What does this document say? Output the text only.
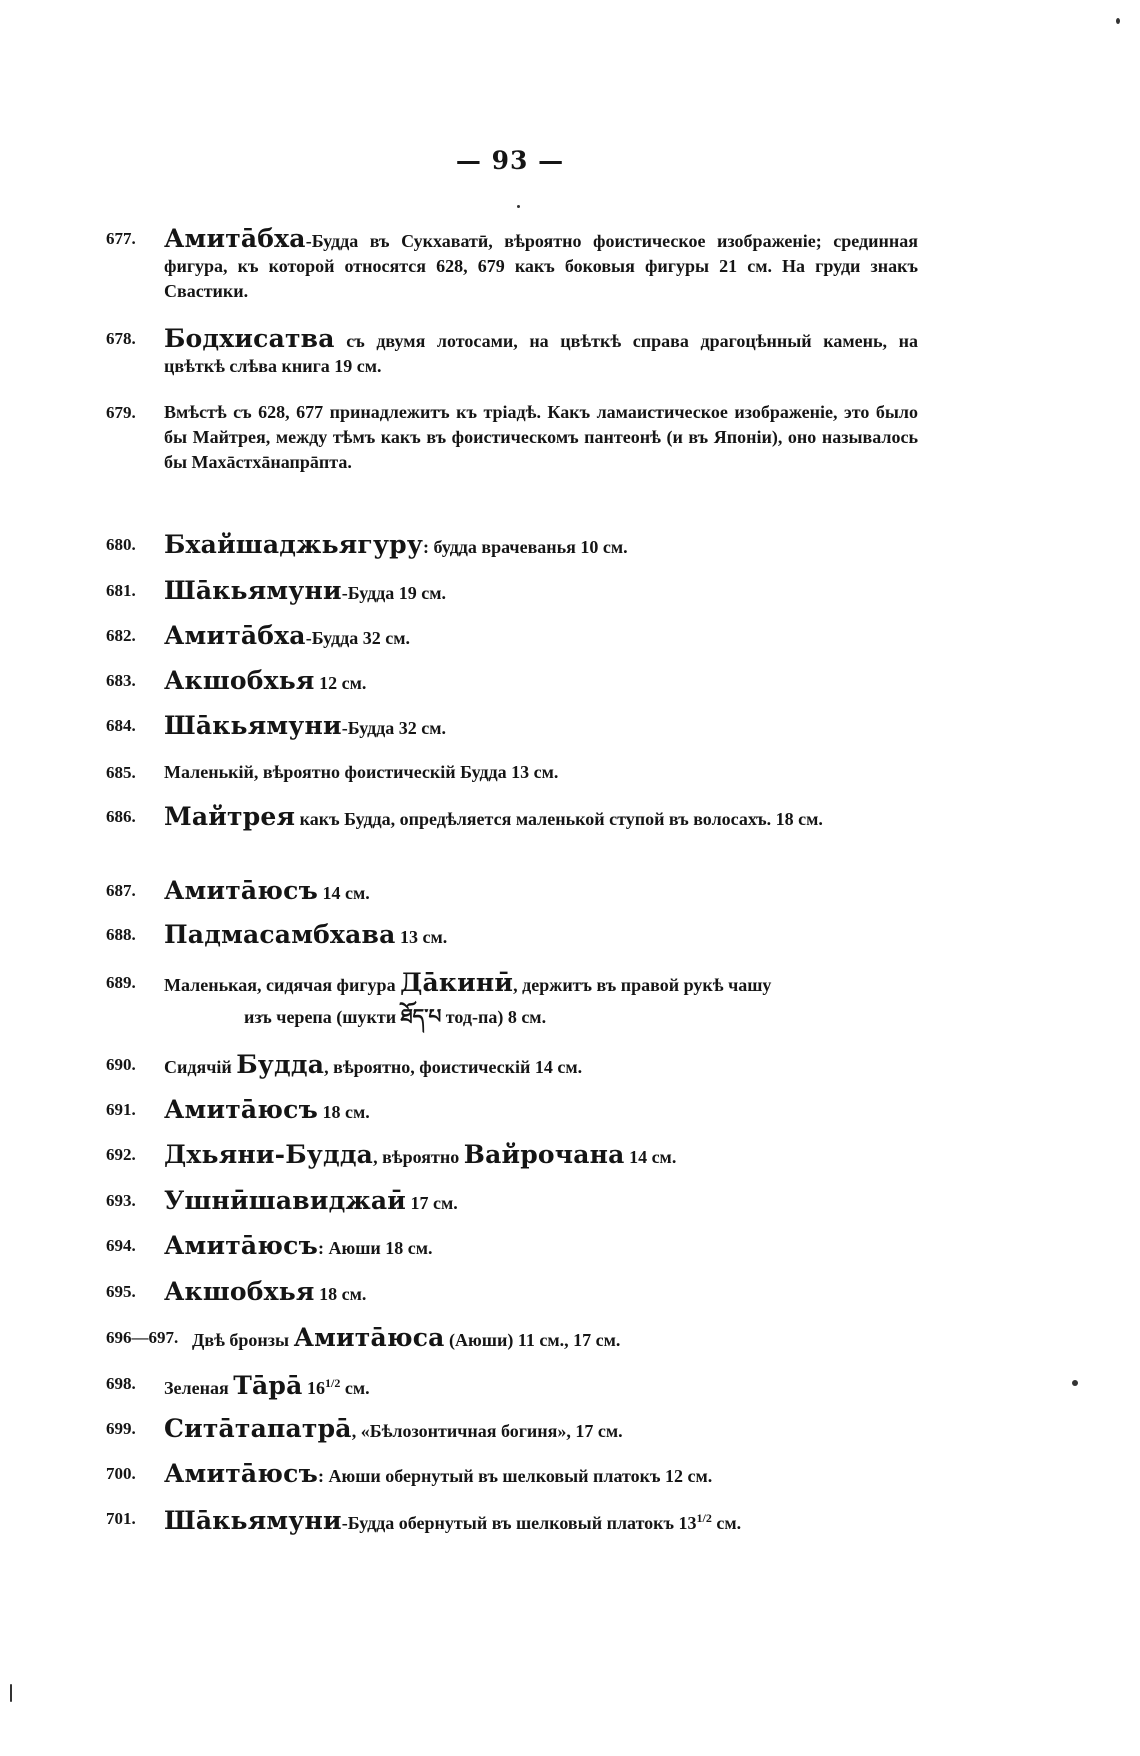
— 93 —
677. Амитāбха-Будда въ Сукхаватӣ, вѣроятно фоистическое изображеніе; срединная фигура, къ которой относятся 628, 679 какъ боковыя фигуры 21 см. На груди знакъ Свастики.
678. Бодхисатва съ двумя лотосами, на цвѣткѣ справа драгоцѣнный камень, на цвѣткѣ слѣва книга 19 см.
679. Вмѣстѣ съ 628, 677 принадлежитъ къ тріадѣ. Какъ ламаистическое изображеніе, это было бы Майтрея, между тѣмъ какъ въ фоистическомъ пантеонѣ (и въ Японіи), оно называлось бы Махāстхāнапрāпта.
680. Бхайшаджьягуру: будда врачеванья 10 см.
681. Шāкьямуни-Будда 19 см.
682. Амитāбха-Будда 32 см.
683. Акшобхья 12 см.
684. Шāкьямуни-Будда 32 см.
685. Маленькій, вѣроятно фоистическій Будда 13 см.
686. Майтрея какъ Будда, опредѣляется маленькой ступой въ волосахъ. 18 см.
687. Амитāюсъ 14 см.
688. Падмасамбхава 13 см.
689. Маленькая, сидячая фигура Дāкинӣ, держитъ въ правой рукѣ чашу
изъ черепа (шукти ཐོད་པ тод-па) 8 см.
690. Сидячій Будда, вѣроятно, фоистическій 14 см.
691. Амитāюсъ 18 см.
692. Дхьяни-Будда, вѣроятно Вайрочана 14 см.
693. Ушнӣшавиджаӣ 17 см.
694. Амитāюсъ: Аюши 18 см.
695. Акшобхья 18 см.
696—697. Двѣ бронзы Амитāюса (Аюши) 11 см., 17 см.
698. Зеленая Тāрā $16^{1/2}$ см.
699. Ситāтапатрā, «Бѣлозонтичная богиня», 17 см.
700. Амитāюсъ: Аюши обернутый въ шелковый платокъ 12 см.
701. Шāкьямуни-Будда обернутый въ шелковый платокъ $13^{1/2}$ см.
